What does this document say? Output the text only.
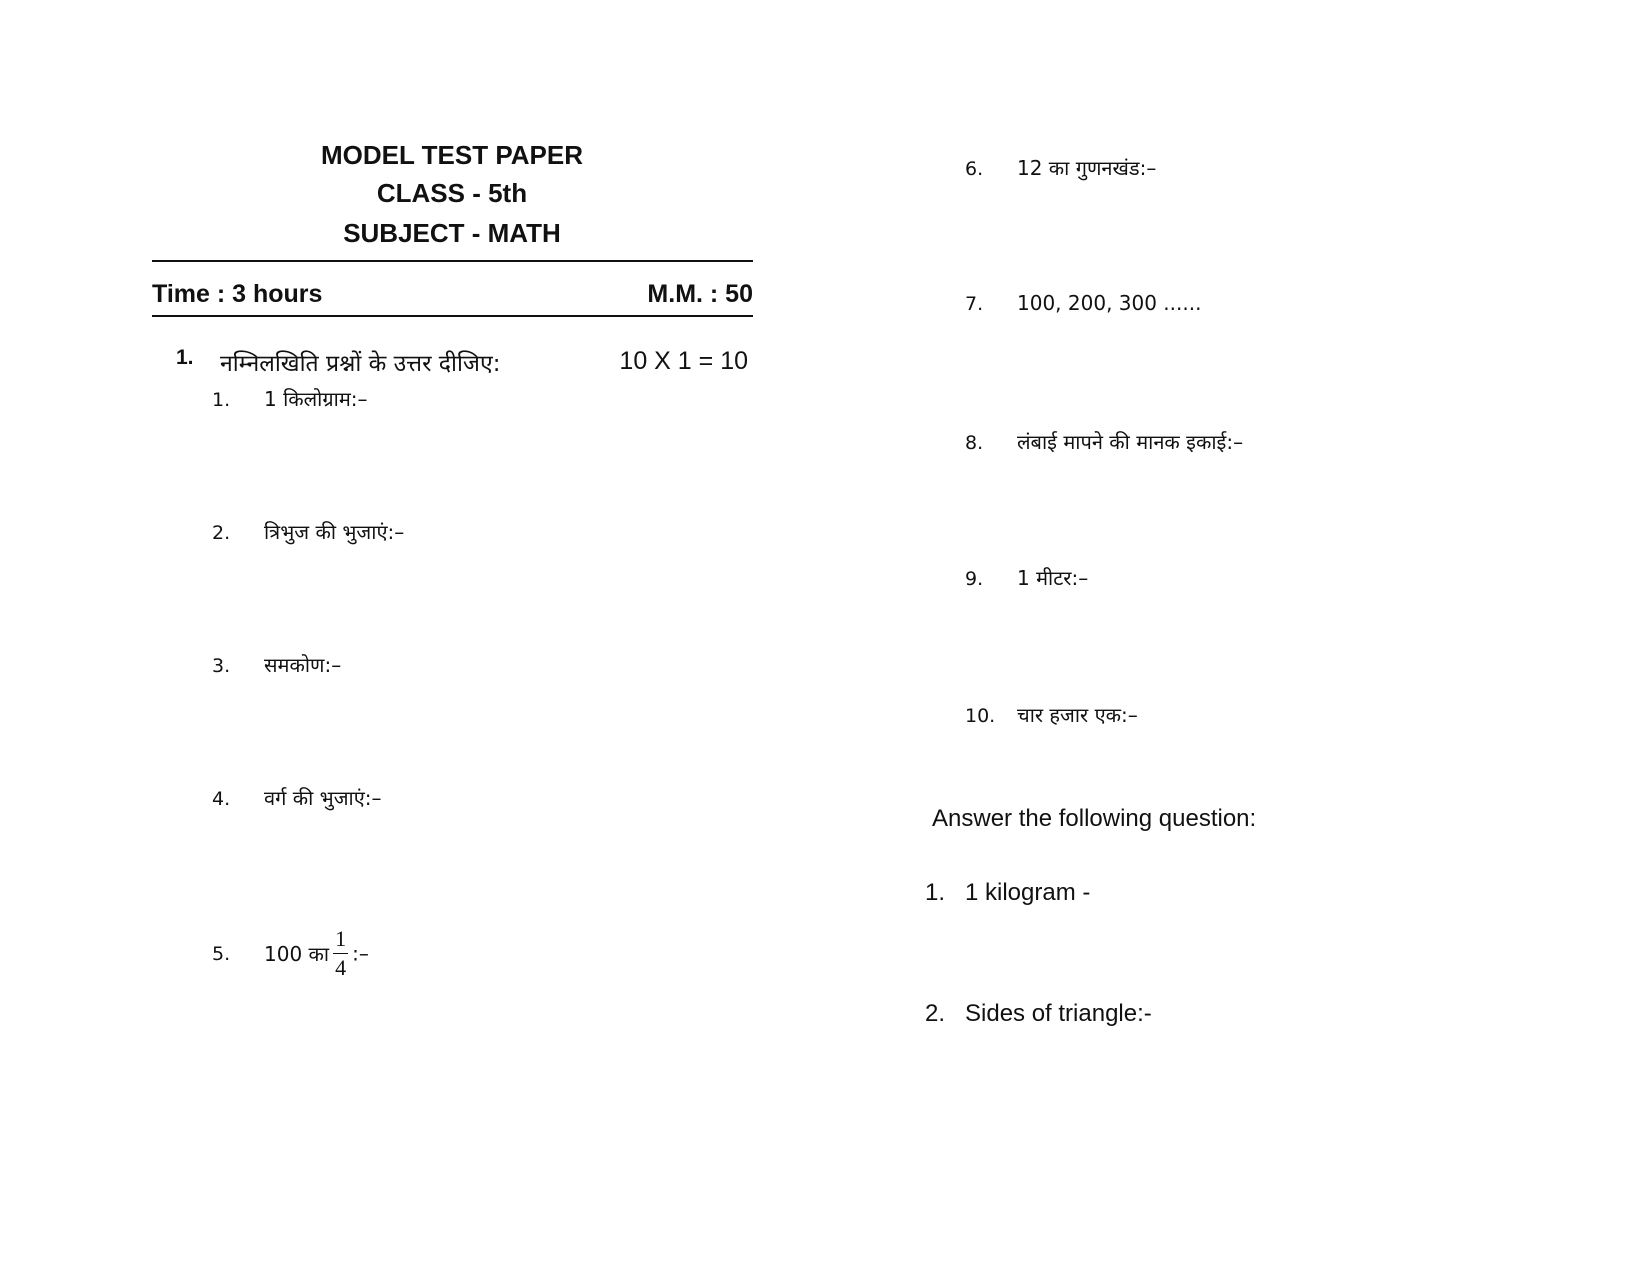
MODEL TEST PAPER
CLASS - 5th
SUBJECT - MATH
Time : 3 hours	M.M. : 50
1. नम्निलखिति प्रश्नों के उत्तर दीजिए:	10 X 1 = 10
1. 1 किलोग्राम:–
2. त्रिभुज की भुजाएं:–
3. समकोण:–
4. वर्ग की भुजाएं:–
5. 100 का $\frac{1}{4}$ :–
6. 12 का गुणनखंड:–
7. 100, 200, 300 ......
8. लंबाई मापने की मानक इकाई:–
9. 1 मीटर:–
10. चार हजार एक:–
Answer the following question:
1. 1 kilogram -
2. Sides of triangle:-
